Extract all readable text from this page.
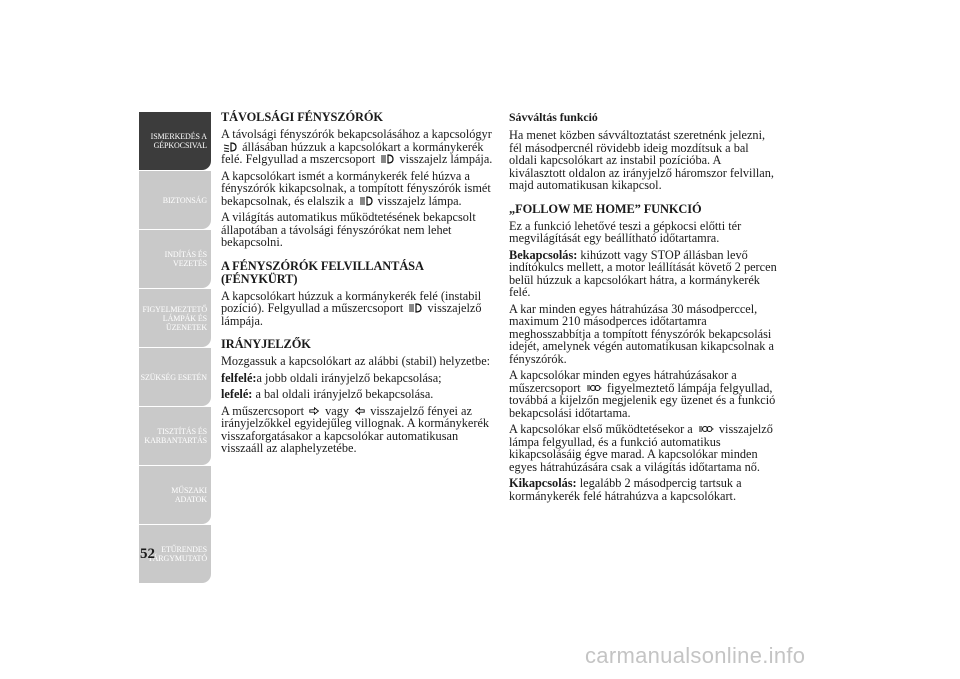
ISMERKEDÉS A GÉPKOCSIVAL
BIZTONSÁG
INDÍTÁS ÉS VEZETÉS
FIGYELMEZTETŐ LÁMPÁK ÉS ÜZENETEK
SZÜKSÉG ESETÉN
TISZTÍTÁS ÉS KARBANTARTÁS
MŰSZAKI ADATOK
ETŰRENDES TÁRGYMUTATÓ
52
TÁVOLSÁGI FÉNYSZÓRÓK

A távolsági fényszórók bekapcsolásához a kapcsológyr  állásában húzzuk a kapcsolókart a kormánykerék felé. Felgyullad a mszercsoport visszajelz lámpája.

A kapcsolókart ismét a kormánykerék felé húzva a fényszórók kikapcsolnak, a tompított fényszórók ismét bekapcsolnak, és elalszik a visszajelz lámpa.

A világítás automatikus működtetésének bekapcsolt állapotában a távolsági fényszórókat nem lehet bekapcsolni.

A FÉNYSZÓRÓK FELVILLANTÁSA (FÉNYKÜRT)

A kapcsolókart húzzuk a kormánykerék felé (instabil pozíció). Felgyullad a műszercsoport visszajelző lámpája.

IRÁNYJELZŐK

Mozgassuk a kapcsolókart az alábbi (stabil) helyzetbe:

felfelé:a jobb oldali irányjelző bekapcsolása;

lefelé: a bal oldali irányjelző bekapcsolása.

A műszercsoport vagy visszajelző fényei az irányjelzőkkel egyidejűleg villognak. A kormánykerék visszaforgatásakor a kapcsolókar automatikusan visszaáll az alaphelyzetébe.

Sávváltás funkció

Ha menet közben sávváltoztatást szeretnénk jelezni, fél másodpercnél rövidebb ideig mozdítsuk a bal oldali kapcsolókart az instabil pozícióba. A kiválasztott oldalon az irányjelző háromszor felvillan, majd automatikusan kikapcsol.

„FOLLOW ME HOME” FUNKCIÓ

Ez a funkció lehetővé teszi a gépkocsi előtti tér megvilágítását egy beállítható időtartamra.

Bekapcsolás: kihúzott vagy STOP állásban levő indítókulcs mellett, a motor leállítását követő 2 percen belül húzzuk a kapcsolókart hátra, a kormánykerék felé.

A kar minden egyes hátrahúzása 30 másodperccel, maximum 210 másodperces időtartamra meghosszabbítja a tompított fényszórók bekapcsolási idejét, amelynek végén automatikusan kikapcsolnak a fényszórók.

A kapcsolókar minden egyes hátrahúzásakor a műszercsoport figyelmeztető lámpája felgyullad, továbbá a kijelzőn megjelenik egy üzenet és a funkció bekapcsolási időtartama.

A kapcsolókar első működtetésekor a visszajelző lámpa felgyullad, és a funkció automatikus kikapcsolásáig égve marad. A kapcsolókar minden egyes hátrahúzására csak a világítás időtartama nő.

Kikapcsolás: legalább 2 másodpercig tartsuk a kormánykerék felé hátrahúzva a kapcsolókart.

carmanualsonline.info
